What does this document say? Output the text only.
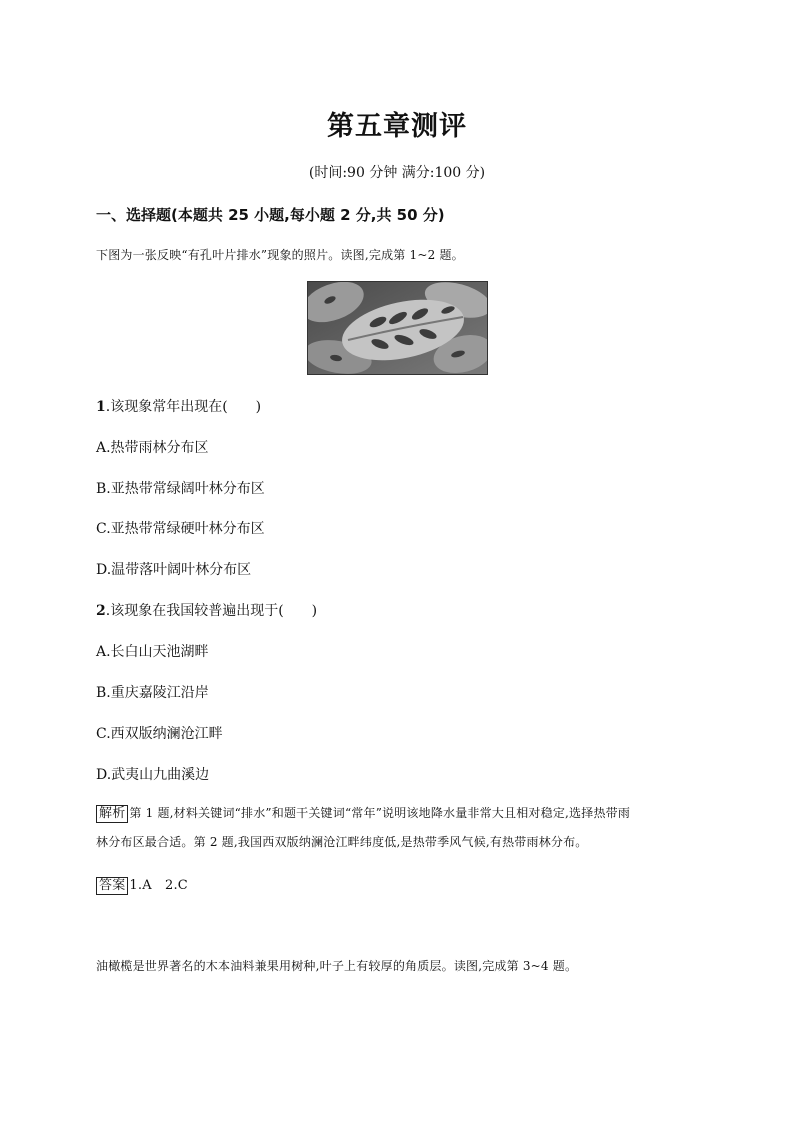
第五章测评
(时间:90 分钟 满分:100 分)
一、选择题(本题共 25 小题,每小题 2 分,共 50 分)
下图为一张反映“有孔叶片排水”现象的照片。读图,完成第 1~2 题。
1.该现象常年出现在(　　)
A.热带雨林分布区
B.亚热带常绿阔叶林分布区
C.亚热带常绿硬叶林分布区
D.温带落叶阔叶林分布区
2.该现象在我国较普遍出现于(　　)
A.长白山天池湖畔
B.重庆嘉陵江沿岸
C.西双版纳澜沧江畔
D.武夷山九曲溪边
解析 第 1 题,材料关键词“排水”和题干关键词“常年”说明该地降水量非常大且相对稳定,选择热带雨
林分布区最合适。第 2 题,我国西双版纳澜沧江畔纬度低,是热带季风气候,有热带雨林分布。
答案 1.A　2.C
油橄榄是世界著名的木本油料兼果用树种,叶子上有较厚的角质层。读图,完成第 3~4 题。
